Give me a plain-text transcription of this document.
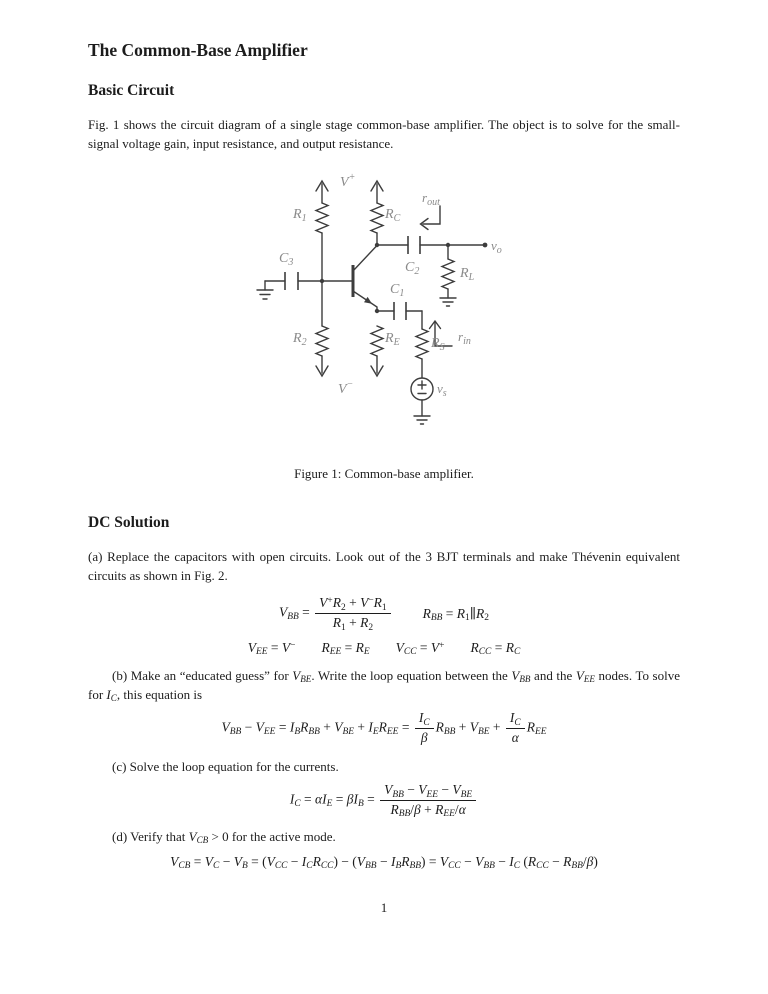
The Common-Base Amplifier
Basic Circuit

Fig. 1 shows the circuit diagram of a single stage common-base amplifier. The object is to solve for the small-signal voltage gain, input resistance, and output resistance.

V+
$R_1$	$R_C$
$r_{out}$
$C_3$	$C_2$
$C_1$
$v_o$
$R_L$
$R_2$	$R_E$ $R_S$
$r_{in}$
V−	$v_s$
Figure 1: Common-base amplifier.
DC Solution

(a) Replace the capacitors with open circuits. Look out of the 3 BJT terminals and make Thévenin equivalent circuits as shown in Fig. 2.

$V_{BB} = \frac{V^+R_2 + V^-R_1}{R_1 + R_2} R_{BB}$ = $R_1\parallel R_2$
$V_{EE} = V^-$ $R_{EE} = R_E$ $V_{CC} = V^+$ $R_{CC} = R_C$

(b) Make an “educated guess” for $V_{BE}$. Write the loop equation between the $V_{BB}$ and the $V_{EE}$ nodes. To solve for $I_C$, this equation is

$V_{BB} - V_{EE} = I_BR_{BB} + V_{BE} + I_ER_{EE} = \frac{I_C}{\beta} R_{BB} + V_{BE} + \frac{I_C}{\alpha} R_{EE}$

(c) Solve the loop equation for the currents.

$I_C = \alpha I_E = \beta I_B = \frac{V_{BB} - V_{EE} - V_{BE}}{R_{BB}/\beta + R_{EE}/\alpha}$

(d) Verify that $V_{CB} > 0$ for the active mode.

$V_{CB} = V_C - V_B = (V_{CC} - I_CR_{CC}) - (V_{BB} - I_BR_{BB}) = V_{CC} - V_{BB} - I_C$ $(R_{CC} - R_{BB}/\beta)$
1
